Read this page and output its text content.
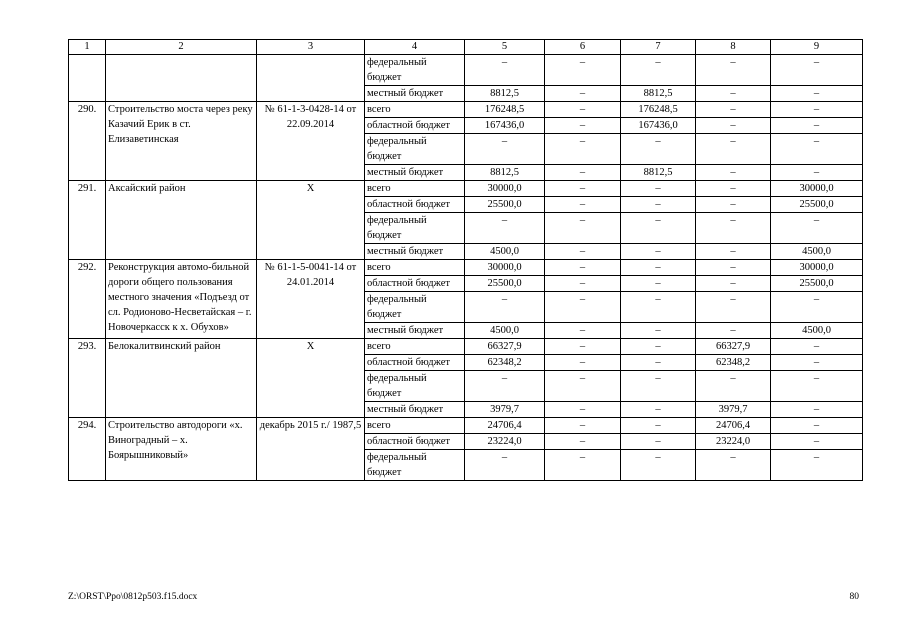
1	2	3	4	5	6	7	8	9
			федеральный бюджет	–	–	–	–	–
			местный бюджет	8812,5	–	8812,5	–	–
290.	Строительство моста через реку Казачий Ерик в ст. Елизаветинская	№ 61-1-3-0428-14 от 22.09.2014	всего	176248,5	–	176248,5	–	–
			областной бюджет	167436,0	–	167436,0	–	–
			федеральный бюджет	–	–	–	–	–
			местный бюджет	8812,5	–	8812,5	–	–
291.	Аксайский район	Х	всего	30000,0	–	–	–	30000,0
			областной бюджет	25500,0	–	–	–	25500,0
			федеральный бюджет	–	–	–	–	–
			местный бюджет	4500,0	–	–	–	4500,0
292.	Реконструкция автомо-бильной дороги общего пользования местного значения «Подъезд от сл. Родионово-Несветайская – г. Новочеркасск к х. Обухов»	№ 61-1-5-0041-14 от 24.01.2014	всего	30000,0	–	–	–	30000,0
			областной бюджет	25500,0	–	–	–	25500,0
			федеральный бюджет	–	–	–	–	–
			местный бюджет	4500,0	–	–	–	4500,0
293.	Белокалитвинский район	Х	всего	66327,9	–	–	66327,9	–
			областной бюджет	62348,2	–	–	62348,2	–
			федеральный бюджет	–	–	–	–	–
			местный бюджет	3979,7	–	–	3979,7	–
294.	Строительство автодороги «х. Виноградный – х. Боярышниковый»	декабрь 2015 г./ 1987,5	всего	24706,4	–	–	24706,4	–
			областной бюджет	23224,0	–	–	23224,0	–
			федеральный бюджет	–	–	–	–	–
Z:\ORST\Ppo\0812p503.f15.docx	80
